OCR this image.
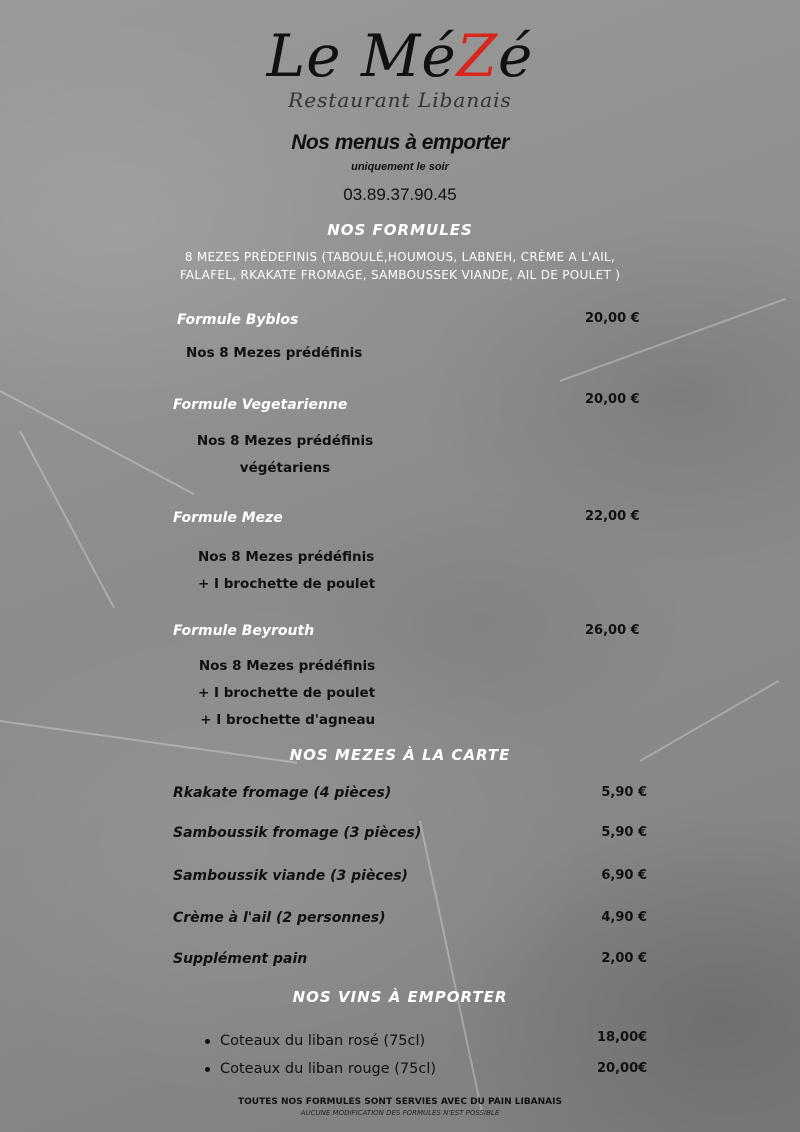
Le MéZé
Restaurant Libanais
Nos menus à emporter
uniquement le soir
03.89.37.90.45
NOS FORMULES
8 MEZES PRÉDEFINIS (TABOULÉ,HOUMOUS, LABNEH, CRÈME A L'AIL,
FALAFEL, RKAKATE FROMAGE, SAMBOUSSEK VIANDE, AIL DE POULET )
Formule Byblos	20,00 €
Nos 8 Mezes prédéfinis
Formule Vegetarienne	20,00 €
Nos 8 Mezes prédéfinis
végétariens
Formule Meze	22,00 €
Nos 8 Mezes prédéfinis
+ I brochette de poulet
Formule Beyrouth	26,00 €
Nos 8 Mezes prédéfinis
+ I brochette de poulet
+ I brochette d'agneau
NOS MEZES À LA CARTE
Rkakate fromage (4 pièces)	5,90 €
Samboussik fromage (3 pièces)	5,90 €
Samboussik viande (3 pièces)	6,90 €
Crème à l'ail (2 personnes)	4,90 €
Supplément pain	2,00 €
NOS VINS À EMPORTER
Coteaux du liban rosé (75cl)	18,00€
Coteaux du liban rouge (75cl)	20,00€
TOUTES NOS FORMULES SONT SERVIES AVEC DU PAIN LIBANAIS
AUCUNE MODIFICATION DES FORMULES N'EST POSSIBLE
